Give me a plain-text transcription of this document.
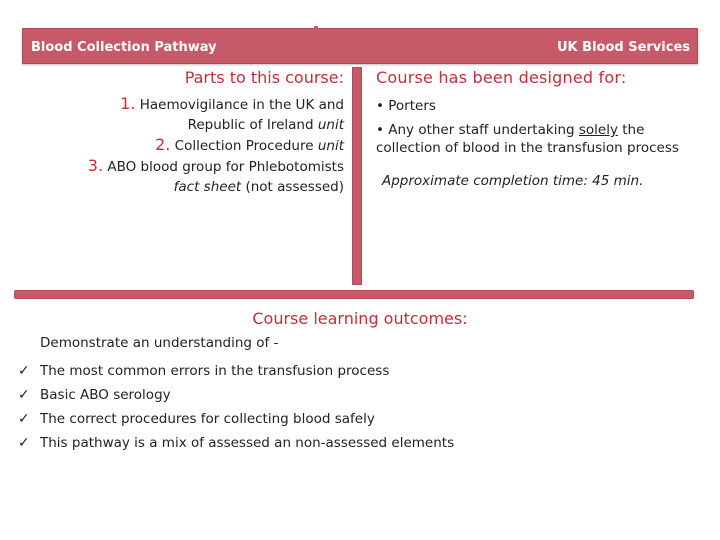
Blood Collection Pathway	UK Blood Services
Parts to this course:
1. Haemovigilance in the UK and
Republic of Ireland unit
2. Collection Procedure unit
3. ABO blood group for Phlebotomists
fact sheet (not assessed)
Course has been designed for:
• Porters
• Any other staff undertaking solely the collection of blood in the transfusion process
Approximate completion time: 45 min.
Course learning outcomes:
Demonstrate an understanding of -
✓ The most common errors in the transfusion process
✓ Basic ABO serology
✓ The correct procedures for collecting blood safely
✓ This pathway is a mix of assessed an non-assessed elements
